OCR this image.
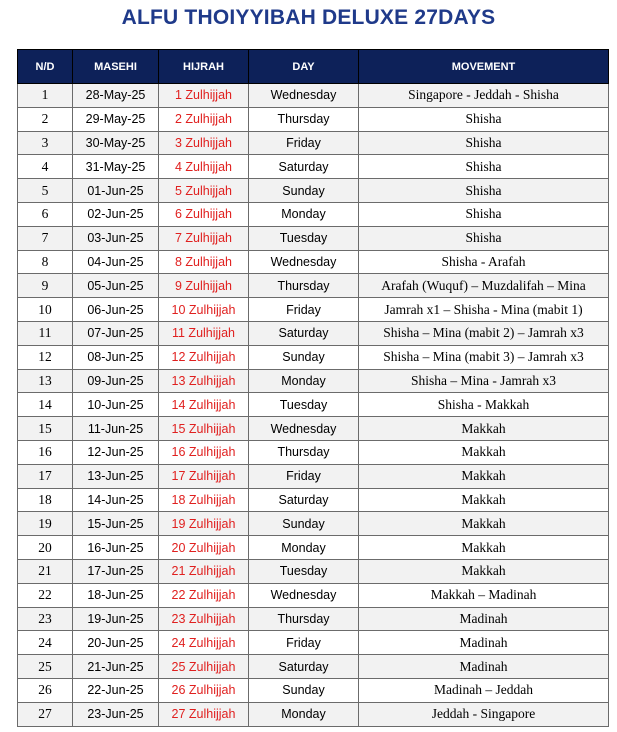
ALFU THOIYYIBAH DELUXE 27DAYS
N/D	MASEHI	HIJRAH	DAY	MOVEMENT
1	28-May-25	1 Zulhijjah	Wednesday	Singapore - Jeddah - Shisha
2	29-May-25	2 Zulhijjah	Thursday	Shisha
3	30-May-25	3 Zulhijjah	Friday	Shisha
4	31-May-25	4 Zulhijjah	Saturday	Shisha
5	01-Jun-25	5 Zulhijjah	Sunday	Shisha
6	02-Jun-25	6 Zulhijjah	Monday	Shisha
7	03-Jun-25	7 Zulhijjah	Tuesday	Shisha
8	04-Jun-25	8 Zulhijjah	Wednesday	Shisha - Arafah
9	05-Jun-25	9 Zulhijjah	Thursday	Arafah (Wuquf) – Muzdalifah – Mina
10	06-Jun-25	10 Zulhijjah	Friday	Jamrah x1 – Shisha - Mina (mabit 1)
11	07-Jun-25	11 Zulhijjah	Saturday	Shisha – Mina (mabit 2) – Jamrah x3
12	08-Jun-25	12 Zulhijjah	Sunday	Shisha – Mina (mabit 3) – Jamrah x3
13	09-Jun-25	13 Zulhijjah	Monday	Shisha – Mina - Jamrah x3
14	10-Jun-25	14 Zulhijjah	Tuesday	Shisha - Makkah
15	11-Jun-25	15 Zulhijjah	Wednesday	Makkah
16	12-Jun-25	16 Zulhijjah	Thursday	Makkah
17	13-Jun-25	17 Zulhijjah	Friday	Makkah
18	14-Jun-25	18 Zulhijjah	Saturday	Makkah
19	15-Jun-25	19 Zulhijjah	Sunday	Makkah
20	16-Jun-25	20 Zulhijjah	Monday	Makkah
21	17-Jun-25	21 Zulhijjah	Tuesday	Makkah
22	18-Jun-25	22 Zulhijjah	Wednesday	Makkah – Madinah
23	19-Jun-25	23 Zulhijjah	Thursday	Madinah
24	20-Jun-25	24 Zulhijjah	Friday	Madinah
25	21-Jun-25	25 Zulhijjah	Saturday	Madinah
26	22-Jun-25	26 Zulhijjah	Sunday	Madinah – Jeddah
27	23-Jun-25	27 Zulhijjah	Monday	Jeddah - Singapore
